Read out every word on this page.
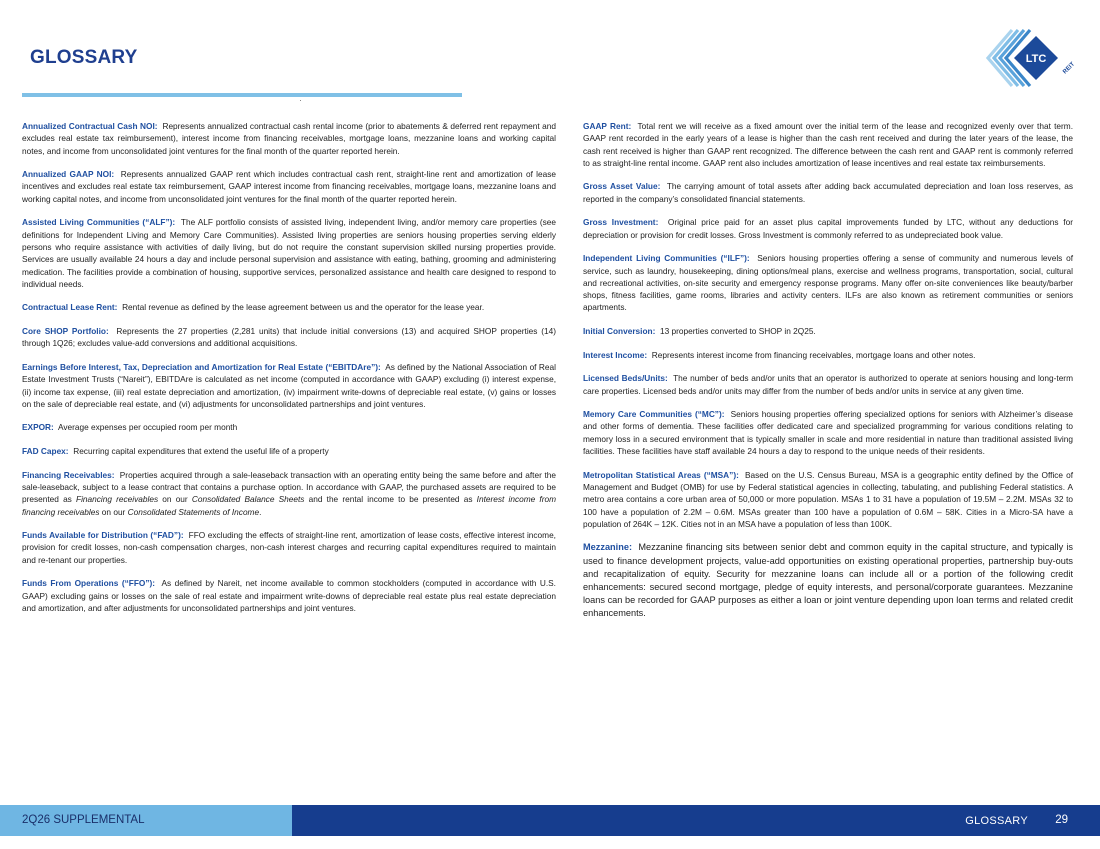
GLOSSARY	LTC
REIT

Annualized Contractual Cash NOI: Represents annualized contractual cash rental income (prior to abatements & deferred rent repayment and excludes real estate tax reimbursement), interest income from financing receivables, mortgage loans, mezzanine loans and working capital notes, and income from unconsolidated joint ventures for the final month of the quarter reported herein.

Annualized GAAP NOI: Represents annualized GAAP rent which includes contractual cash rent, straight-line rent and amortization of lease incentives and excludes real estate tax reimbursement, GAAP interest income from financing receivables, mortgage loans, mezzanine loans and working capital notes, and income from unconsolidated joint ventures for the final month of the quarter reported herein.

Assisted Living Communities (“ALF”): The ALF portfolio consists of assisted living, independent living, and/or memory care properties (see definitions for Independent Living and Memory Care Communities). Assisted living properties are seniors housing properties serving elderly persons who require assistance with activities of daily living, but do not require the constant supervision skilled nursing properties provide. Services are usually available 24 hours a day and include personal supervision and assistance with eating, bathing, grooming and administering medication. The facilities provide a combination of housing, supportive services, personalized assistance and health care designed to respond to individual needs.

Contractual Lease Rent: Rental revenue as defined by the lease agreement between us and the operator for the lease year.

Core SHOP Portfolio: Represents the 27 properties (2,281 units) that include initial conversions (13) and acquired SHOP properties (14) through 1Q26; excludes value-add conversions and additional acquisitions.

Earnings Before Interest, Tax, Depreciation and Amortization for Real Estate (“EBITDAre”): As defined by the National Association of Real Estate Investment Trusts (“Nareit”), EBITDAre is calculated as net income (computed in accordance with GAAP) excluding (i) interest expense, (ii) income tax expense, (iii) real estate depreciation and amortization, (iv) impairment write-downs of depreciable real estate, (v) gains or losses on the sale of depreciable real estate, and (vi) adjustments for unconsolidated partnerships and joint ventures.

EXPOR: Average expenses per occupied room per month

FAD Capex: Recurring capital expenditures that extend the useful life of a property

Financing Receivables: Properties acquired through a sale-leaseback transaction with an operating entity being the same before and after the sale-leaseback, subject to a lease contract that contains a purchase option. In accordance with GAAP, the purchased assets are required to be presented as Financing receivables on our Consolidated Balance Sheets and the rental income to be presented as Interest income from financing receivables on our Consolidated Statements of Income.

Funds Available for Distribution (“FAD”): FFO excluding the effects of straight-line rent, amortization of lease costs, effective interest income, provision for credit losses, non-cash compensation charges, non-cash interest charges and recurring capital expenditures required to maintain and re-tenant our properties.

Funds From Operations (“FFO”): As defined by Nareit, net income available to common stockholders (computed in accordance with U.S. GAAP) excluding gains or losses on the sale of real estate and impairment write-downs of depreciable real estate plus real estate depreciation and amortization, and after adjustments for unconsolidated partnerships and joint ventures.

GAAP Rent: Total rent we will receive as a fixed amount over the initial term of the lease and recognized evenly over that term. GAAP rent recorded in the early years of a lease is higher than the cash rent received and during the later years of the lease, the cash rent received is higher than GAAP rent recognized. The difference between the cash rent and GAAP rent is commonly referred to as straight-line rental income. GAAP rent also includes amortization of lease incentives and real estate tax reimbursements.

Gross Asset Value: The carrying amount of total assets after adding back accumulated depreciation and loan loss reserves, as reported in the company’s consolidated financial statements.

Gross Investment: Original price paid for an asset plus capital improvements funded by LTC, without any deductions for depreciation or provision for credit losses. Gross Investment is commonly referred to as undepreciated book value.

Independent Living Communities (“ILF”): Seniors housing properties offering a sense of community and numerous levels of service, such as laundry, housekeeping, dining options/meal plans, exercise and wellness programs, transportation, social, cultural and recreational activities, on-site security and emergency response programs. Many offer on-site conveniences like beauty/barber shops, fitness facilities, game rooms, libraries and activity centers. ILFs are also known as retirement communities or seniors apartments.

Initial Conversion: 13 properties converted to SHOP in 2Q25.

Interest Income: Represents interest income from financing receivables, mortgage loans and other notes.

Licensed Beds/Units: The number of beds and/or units that an operator is authorized to operate at seniors housing and long-term care properties. Licensed beds and/or units may differ from the number of beds and/or units in service at any given time.

Memory Care Communities (“MC”): Seniors housing properties offering specialized options for seniors with Alzheimer’s disease and other forms of dementia. These facilities offer dedicated care and specialized programming for various conditions relating to memory loss in a secured environment that is typically smaller in scale and more residential in nature than traditional assisted living facilities. These facilities have staff available 24 hours a day to respond to the unique needs of their residents.

Metropolitan Statistical Areas (“MSA”): Based on the U.S. Census Bureau, MSA is a geographic entity defined by the Office of Management and Budget (OMB) for use by Federal statistical agencies in collecting, tabulating, and publishing Federal statistics. A metro area contains a core urban area of 50,000 or more population. MSAs 1 to 31 have a population of 19.5M – 2.2M. MSAs 32 to 100 have a population of 2.2M – 0.6M. MSAs greater than 100 have a population of 0.6M – 58K. Cities in a Micro-SA have a population of 264K – 12K. Cities not in an MSA have a population of less than 100K.

Mezzanine: Mezzanine financing sits between senior debt and common equity in the capital structure, and typically is used to finance development projects, value-add opportunities on existing operational properties, partnership buy-outs and recapitalization of equity. Security for mezzanine loans can include all or a portion of the following credit enhancements: secured second mortgage, pledge of equity interests, and personal/corporate guarantees. Mezzanine loans can be recorded for GAAP purposes as either a loan or joint venture depending upon loan terms and related credit enhancements.

2Q26 SUPPLEMENTAL	GLOSSARY 29
